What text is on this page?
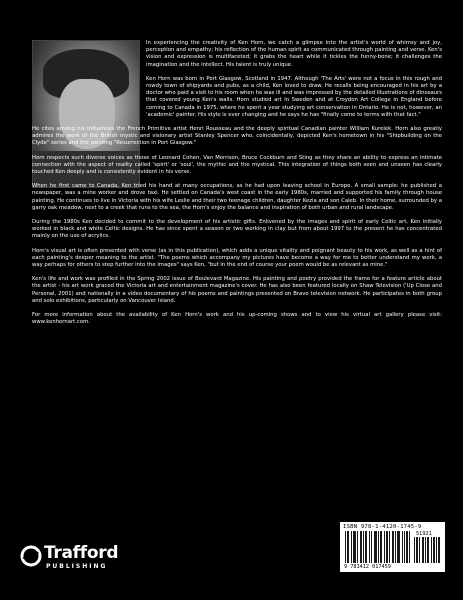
In experiencing the creativity of Ken Horn, we catch a glimpse into the artist's world of whimsy and joy, perception and empathy; his reflection of the human spirit as communicated through painting and verse. Ken's vision and expression is multifaceted; it grabs the heart while it tickles the funny-bone; it challenges the imagination and the intellect. His talent is truly unique.

Ken Horn was born in Port Glasgow, Scotland in 1947. Although 'The Arts' were not a focus in this rough and rowdy town of shipyards and pubs, as a child, Ken loved to draw. He recalls being encouraged in his art by a doctor who paid a visit to his room when he was ill and was impressed by the detailed illustrations of dinosaurs that covered young Ken's walls. Horn studied art in Sweden and at Croydon Art College in England before coming to Canada in 1975, where he spent a year studying art conservation in Ontario. He is not, however, an 'academic' painter. His style is ever changing and he says he has "finally come to terms with that fact."

He cites among his influences the French Primitive artist Henri Rousseau and the deeply spiritual Canadian painter William Kurelek. Horn also greatly admires the work of the British mystic and visionary artist Stanley Spencer who, coincidentally, depicted Ken's hometown in his "Shipbuilding on the Clyde" series and the painting "Resurrection in Port Glasgow."

Horn respects such diverse voices as those of Leonard Cohen, Van Morrison, Bruce Cockburn and Sting as they share an ability to express an intimate connection with the aspect of reality called 'spirit' or 'soul', the mythic and the mystical. This integration of things both seen and unseen has clearly touched Ken deeply and is consistently evident in his verse.

When he first came to Canada, Ken tried his hand at many occupations, as he had upon leaving school in Europe. A small sample: he published a newspaper, was a mine worker and drove taxi. He settled on Canada's west coast in the early 1980s, married and supported his family through house painting. He continues to live in Victoria with his wife Leslie and their two teenage children, daughter Kezia and son Caleb. In their home, surrounded by a garry oak meadow, next to a creek that runs to the sea, the Horn's enjoy the balance and inspiration of both urban and rural landscape.

During the 1980s Ken decided to commit to the development of his artistic gifts. Enlivened by the images and spirit of early Celtic art, Ken initially worked in black and white Celtic designs. He has since spent a season or two working in clay but from about 1997 to the present he has concentrated mainly on the use of acrylics.

Horn's visual art is often presented with verse (as in this publication), which adds a unique vitality and poignant beauty to his work, as well as a hint of each painting's deeper meaning to the artist. "The poems which accompany my pictures have become a way for me to better understand my work, a way perhaps for others to step further into the images" says Ken, "but in the end of course your poem would be as relevant as mine."

Ken's life and work was profiled in the Spring 2002 issue of Boulevard Magazine. His painting and poetry provided the frame for a feature article about the artist - his art work graced the Victoria art and entertainment magazine's cover. He has also been featured locally on Shaw Television ('Up Close and Personal, 2001) and nationally in a video documentary of his poems and paintings presented on Bravo television network. He participates in both group and solo exhibitions, particularly on Vancouver Island.

For more information about the availability of Ken Horn's work and his up-coming shows and to view his virtual art gallery please visit: www.kenhornart.com.

ISBN 978-1-4120-1745-9
51921
9 781412 017459
Trafford
PUBLISHING
